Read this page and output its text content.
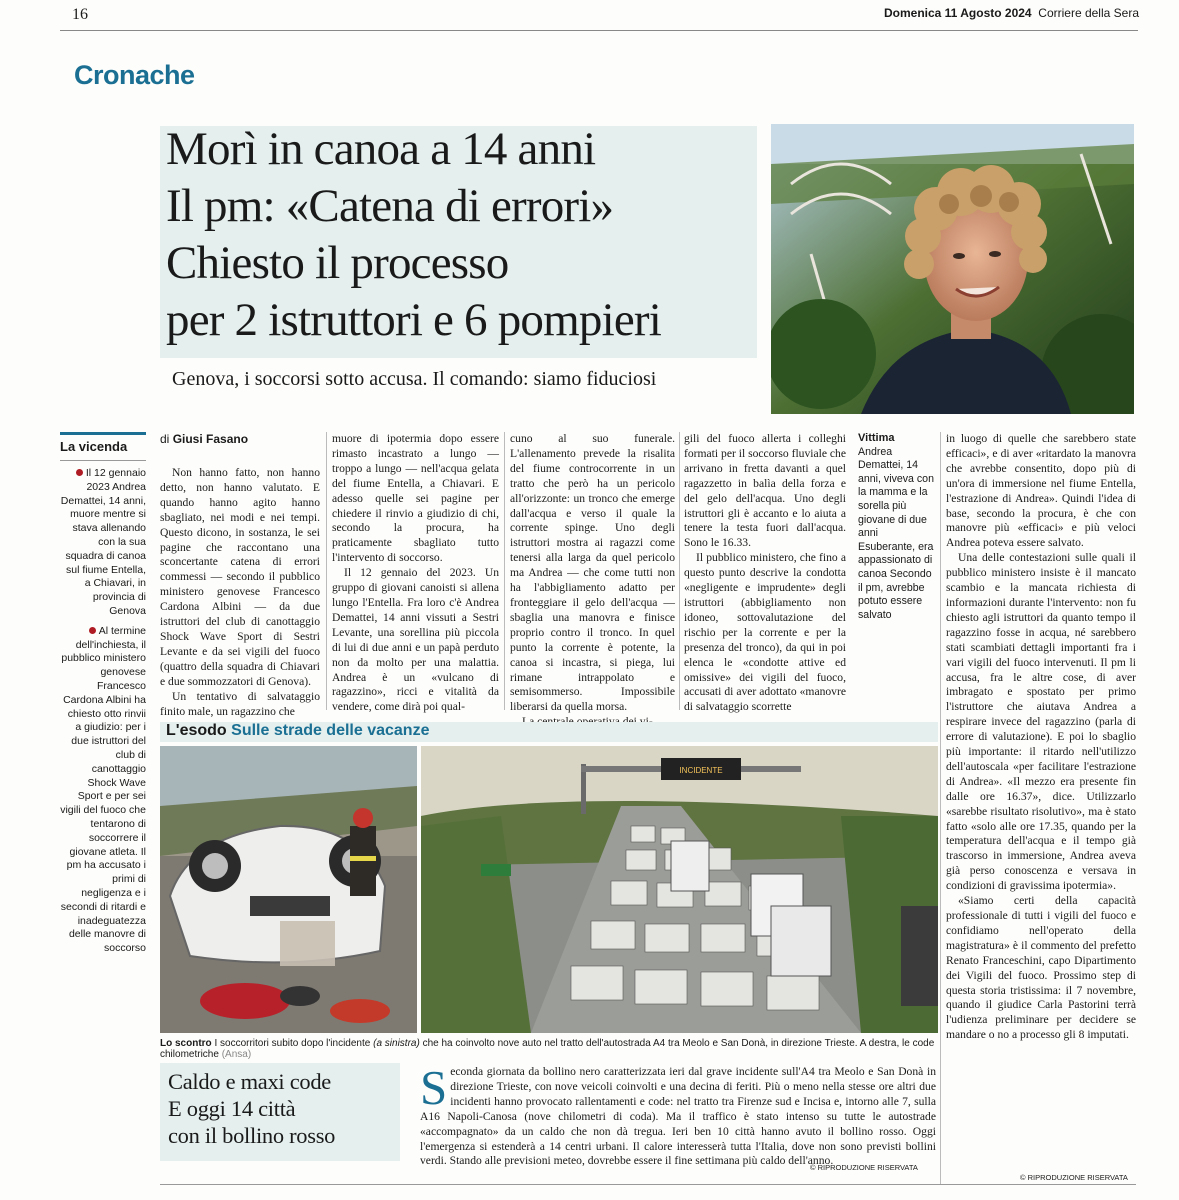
16	Domenica 11 Agosto 2024 Corriere della Sera
Cronache
Morì in canoa a 14 anni
Il pm: «Catena di errori»
Chiesto il processo
per 2 istruttori e 6 pompieri
Genova, i soccorsi sotto accusa. Il comando: siamo fiduciosi
La vicenda
Il 12 gennaio 2023 Andrea Demattei, 14 anni, muore mentre si stava allenando con la sua squadra di canoa sul fiume Entella, a Chiavari, in provincia di Genova
Al termine dell'inchiesta, il pubblico ministero genovese Francesco Cardona Albini ha chiesto otto rinvii a giudizio: per i due istruttori del club di canottaggio Shock Wave Sport e per sei vigili del fuoco che tentarono di soccorrere il giovane atleta. Il pm ha accusato i primi di negligenza e i secondi di ritardi e inadeguatezza delle manovre di soccorso
di Giusi Fasano

Non hanno fatto, non hanno detto, non hanno valutato. E quando hanno agito hanno sbagliato, nei modi e nei tempi. Questo dicono, in sostanza, le sei pagine che raccontano una sconcertante catena di errori commessi — secondo il pubblico ministero genovese Francesco Cardona Albini — da due istruttori del club di canottaggio Shock Wave Sport di Sestri Levante e da sei vigili del fuoco (quattro della squadra di Chiavari e due sommozzatori di Genova).

Un tentativo di salvataggio finito male, un ragazzino che

muore di ipotermia dopo essere rimasto incastrato a lungo — troppo a lungo — nell'acqua gelata del fiume Entella, a Chiavari. E adesso quelle sei pagine per chiedere il rinvio a giudizio di chi, secondo la procura, ha praticamente sbagliato tutto l'intervento di soccorso.

Il 12 gennaio del 2023. Un gruppo di giovani canoisti si allena lungo l'Entella. Fra loro c'è Andrea Demattei, 14 anni vissuti a Sestri Levante, una sorellina più piccola di lui di due anni e un papà perduto non da molto per una malattia. Andrea è un «vulcano di ragazzino», ricci e vitalità da vendere, come dirà poi qual-

cuno al suo funerale. L'allenamento prevede la risalita del fiume controcorrente in un tratto che però ha un pericolo all'orizzonte: un tronco che emerge dall'acqua e verso il quale la corrente spinge. Uno degli istruttori mostra ai ragazzi come tenersi alla larga da quel pericolo ma Andrea — che come tutti non ha l'abbigliamento adatto per fronteggiare il gelo dell'acqua — sbaglia una manovra e finisce proprio contro il tronco. In quel punto la corrente è potente, la canoa si incastra, si piega, lui rimane intrappolato e semisommerso. Impossibile liberarsi da quella morsa.

gili del fuoco allerta i colleghi formati per il soccorso fluviale che arrivano in fretta davanti a quel ragazzetto in balìa della forza e del gelo dell'acqua. Uno degli istruttori gli è accanto e lo aiuta a tenere la testa fuori dall'acqua. Sono le 16.33.

Il pubblico ministero, che fino a questo punto descrive la condotta «negligente e imprudente» degli istruttori (abbigliamento non idoneo, sottovalutazione del rischio per la corrente e per la presenza del tronco), da qui in poi elenca le «condotte attive ed omissive» dei vigili del fuoco, accusati di aver adottato «manovre di salvataggio scorrette

Vittima
Andrea Demattei, 14 anni, viveva con la mamma e la sorella più giovane di due anni Esuberante, era appassionato di canoa Secondo il pm, avrebbe potuto essere salvato

in luogo di quelle che sarebbero state efficaci», e di aver «ritardato la manovra che avrebbe consentito, dopo più di un'ora di immersione nel fiume Entella, l'estrazione di Andrea». Quindi l'idea di base, secondo la procura, è che con manovre più «efficaci» e più veloci Andrea poteva essere salvato.

Una delle contestazioni sulle quali il pubblico ministero insiste è il mancato scambio e la mancata richiesta di informazioni durante l'intervento: non fu chiesto agli istruttori da quanto tempo il ragazzino fosse in acqua, né sarebbero stati scambiati dettagli importanti fra i vari vigili del fuoco intervenuti. Il pm li accusa, fra le altre cose, di aver imbragato e spostato per primo l'istruttore che aiutava Andrea a respirare invece del ragazzino (parla di errore di valutazione). E poi lo sbaglio più importante: il ritardo nell'utilizzo dell'autoscala «per facilitare l'estrazione di Andrea». «Il mezzo era presente fin dalle ore 16.37», dice. Utilizzarlo «sarebbe risultato risolutivo», ma è stato fatto «solo alle ore 17.35, quando per la temperatura dell'acqua e il tempo già trascorso in immersione, Andrea aveva già perso conoscenza e versava in condizioni di gravissima ipotermia».

«Siamo certi della capacità professionale di tutti i vigili del fuoco e confidiamo nell'operato della magistratura» è il commento del prefetto Renato Franceschini, capo Dipartimento dei Vigili del fuoco. Prossimo step di questa storia tristissima: il 7 novembre, quando il giudice Carla Pastorini terrà l'udienza preliminare per decidere se mandare o no a processo gli 8 imputati.

© RIPRODUZIONE RISERVATA
L'esodo Sulle strade delle vacanze
INCIDENTE
Lo scontro I soccorritori subito dopo l'incidente (a sinistra) che ha coinvolto nove auto nel tratto dell'autostrada A4 tra Meolo e San Donà, in direzione Trieste. A destra, le code chilometriche (Ansa)
Caldo e maxi code
E oggi 14 città
con il bollino rosso
Seconda giornata da bollino nero caratterizzata ieri dal grave incidente sull'A4 tra Meolo e San Donà in direzione Trieste, con nove veicoli coinvolti e una decina di feriti. Più o meno nella stesse ore altri due incidenti hanno provocato rallentamenti e code: nel tratto tra Firenze sud e Incisa e, intorno alle 7, sulla A16 Napoli-Canosa (nove chilometri di coda). Ma il traffico è stato intenso su tutte le autostrade «accompagnato» da un caldo che non dà tregua. Ieri ben 10 città hanno avuto il bollino rosso. Oggi l'emergenza si estenderà a 14 centri urbani. Il calore interesserà tutta l'Italia, dove non sono previsti bollini verdi. Stando alle previsioni meteo, dovrebbe essere il fine settimana più caldo dell'anno.
© RIPRODUZIONE RISERVATA
